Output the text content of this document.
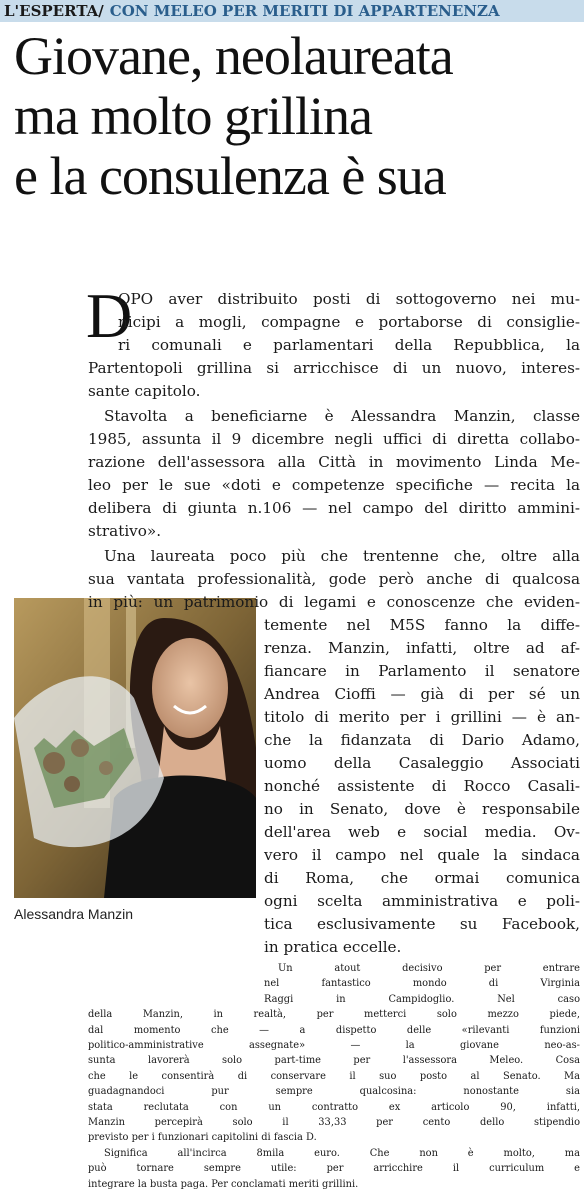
L'ESPERTA/ CON MELEO PER MERITI DI APPARTENENZA
Giovane, neolaureata
ma molto grillina
e la consulenza è sua
D
Alessandra Manzin
OPO aver distribuito posti di sottogoverno nei mu-
nicipi a mogli, compagne e portaborse di consiglie-
ri comunali e parlamentari della Repubblica, la
Partentopoli grillina si arricchisce di un nuovo, interes-
sante capitolo.
Stavolta a beneficiarne è Alessandra Manzin, classe
1985, assunta il 9 dicembre negli uffici di diretta collabo-
razione dell'assessora alla Città in movimento Linda Me-
leo per le sue «doti e competenze specifiche — recita la
delibera di giunta n.106 — nel campo del diritto ammini-
strativo».
Una laureata poco più che trentenne che, oltre alla
sua vantata professionalità, gode però anche di qualcosa
in più: un patrimonio di legami e conoscenze che eviden-
temente nel M5S fanno la diffe-
renza. Manzin, infatti, oltre ad af-
fiancare in Parlamento il senatore
Andrea Cioffi — già di per sé un
titolo di merito per i grillini — è an-
che la fidanzata di Dario Adamo,
uomo della Casaleggio Associati
nonché assistente di Rocco Casali-
no in Senato, dove è responsabile
dell'area web e social media. Ov-
vero il campo nel quale la sindaca
di Roma, che ormai comunica
ogni scelta amministrativa e poli-
tica esclusivamente su Facebook,
in pratica eccelle.
Un atout decisivo per entrare
nel fantastico mondo di Virginia
Raggi in Campidoglio. Nel caso
della Manzin, in realtà, per metterci solo mezzo piede,
dal momento che — a dispetto delle «rilevanti funzioni
politico-amministrative assegnate» — la giovane neo-as-
sunta lavorerà solo part-time per l'assessora Meleo. Cosa
che le consentirà di conservare il suo posto al Senato. Ma
guadagnandoci pur sempre qualcosina: nonostante sia
stata reclutata con un contratto ex articolo 90, infatti,
Manzin percepirà solo il 33,33 per cento dello stipendio
previsto per i funzionari capitolini di fascia D.
Significa all'incirca 8mila euro. Che non è molto, ma
può tornare sempre utile: per arricchire il curriculum e
integrare la busta paga. Per conclamati meriti grillini.
